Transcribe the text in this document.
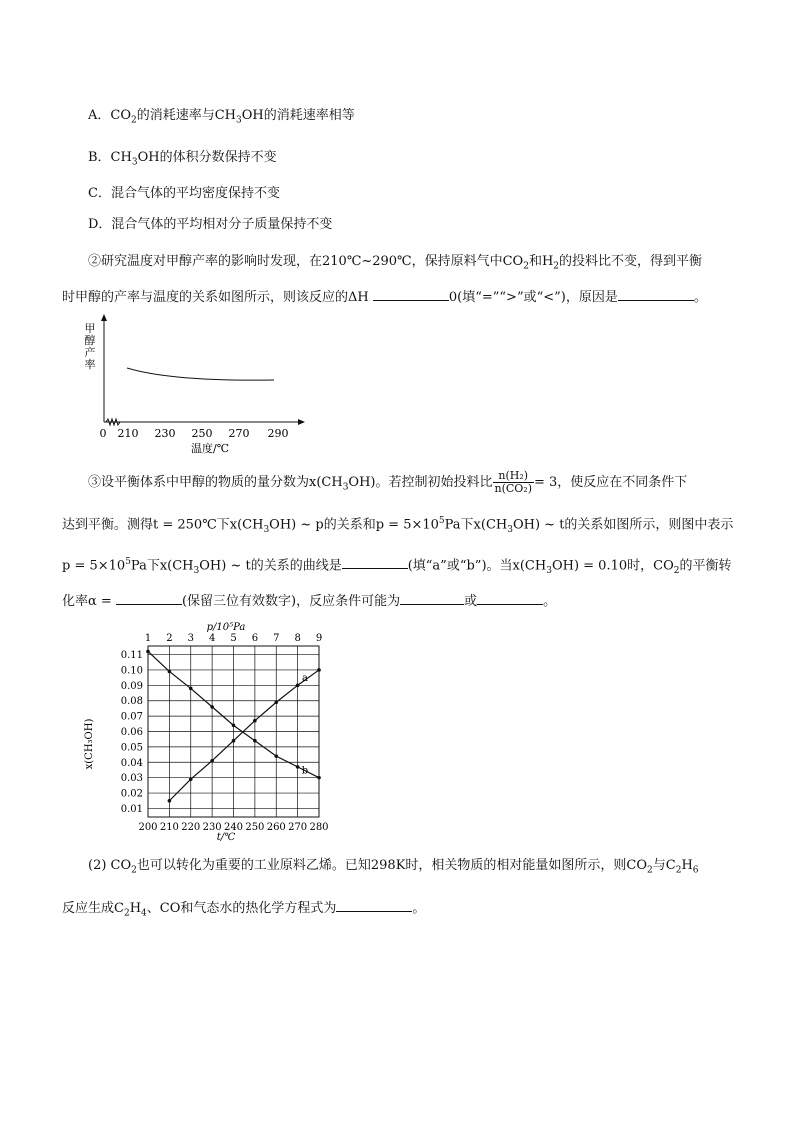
A．$CO_2$的消耗速率与$CH_3OH$的消耗速率相等
B．$CH_3OH$的体积分数保持不变
C．混合气体的平均密度保持不变
D．混合气体的平均相对分子质量保持不变
②研究温度对甲醇产率的影响时发现，在210℃~290℃，保持原料气中$CO_2$和$H_2$的投料比不变，得到平衡
时甲醇的产率与温度的关系如图所示，则该反应的ΔH	0(填“=”“>”或“<”)，原因是	。
甲
醇
产
率
0 210 230 250 270 290
温度/℃
③设平衡体系中甲醇的物质的量分数为$x(CH_3OH)$。若控制初始投料比 $\frac{\text{n(H₂)}}{\text{n(CO₂)}} = 3$，使反应在不同条件下
达到平衡。测得t = 250℃下$x(CH_3OH)$ ~ p的关系和$p = 5\times 10^5Pa$下$x(CH_3OH)$ ~ t的关系如图所示，则图中表示
$p = 5\times 10^5Pa$下$x(CH_3OH)$ ~ t的关系的曲线是	(填“a”或“b”)。当$x(CH_3OH) = 0.10$时，$CO_2$的平衡转
化率α =	(保留三位有效数字)，反应条件可能为	或	。
200
1
210
2
220
3
230
4
240
5
250
6
260
7
270
8
280
9
0.11
0.10
0.09
0.08
0.07
0.06
0.05
0.04
0.03
0.02
0.01
a
b
p/10⁵Pa
t/℃
x(CH₃OH)
(2) $CO_2$也可以转化为重要的工业原料乙烯。已知298K时，相关物质的相对能量如图所示，则$CO_2$与$C_2H_6$
反应生成$C_2H_4$、CO和气态水的热化学方程式为	。
